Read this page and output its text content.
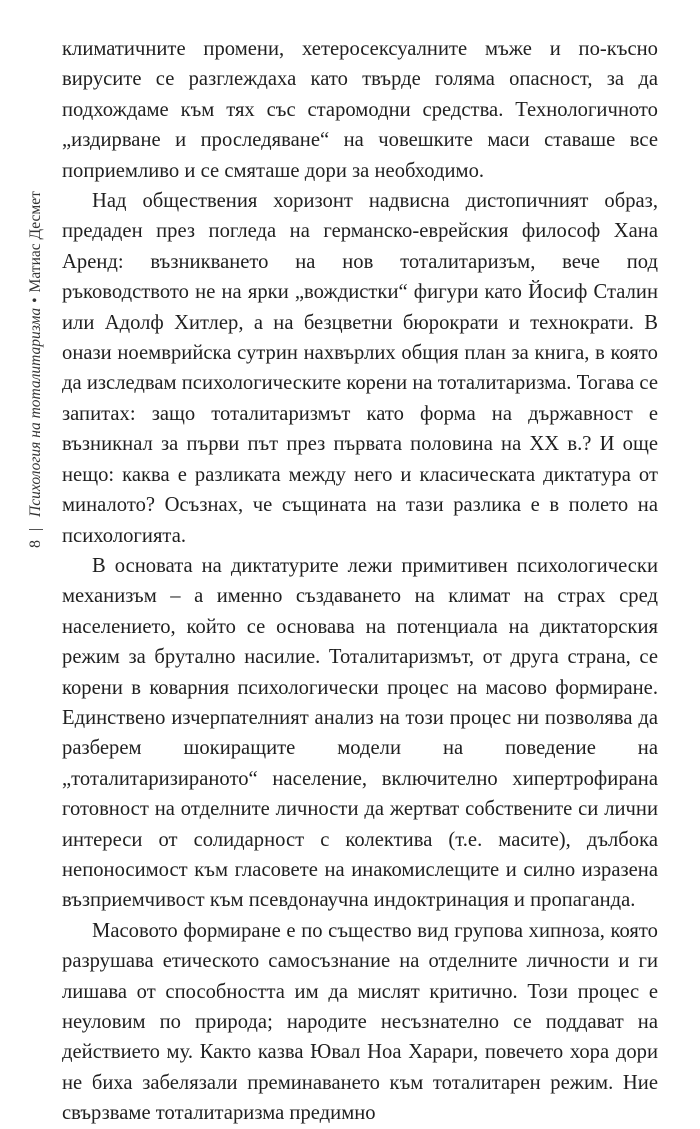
8
Психология на тоталитаризма
•
Матиас Десмет

климатичните промени, хетеросексуалните мъже и по-късно вирусите се разглеждаха като твърде голяма опасност, за да подхождаме към тях със старомодни средства. Технологичното „издирване и проследяване“ на човешките маси ставаше все поприемливо и се смяташе дори за необходимо.

Над обществения хоризонт надвисна дистопичният образ, предаден през погледа на германско-еврейския философ Хана Аренд: възникването на нов тоталитаризъм, вече под ръководството не на ярки „вождистки“ фигури като Йосиф Сталин или Адолф Хитлер, а на безцветни бюрократи и технократи. В онази ноемврийска сутрин нахвърлих общия план за книга, в която да изследвам психологическите корени на тоталитаризма. Тогава се запитах: защо тоталитаризмът като форма на държавност е възникнал за първи път през първата половина на XX в.? И още нещо: каква е разликата между него и класическата диктатура от миналото? Осъзнах, че същината на тази разлика е в полето на психологията.

В основата на диктатурите лежи примитивен психологически механизъм – а именно създаването на климат на страх сред населението, който се основава на потенциала на диктаторския режим за брутално насилие. Тоталитаризмът, от друга страна, се корени в коварния психологически процес на масово формиране. Единствено изчерпателният анализ на този процес ни позволява да разберем шокиращите модели на поведение на „тоталитаризираното“ население, включително хипертрофирана готовност на отделните личности да жертват собствените си лични интереси от солидарност с колектива (т.е. масите), дълбока непоносимост към гласовете на инакомислещите и силно изразена възприемчивост към псевдонаучна индоктринация и пропаганда.

Масовото формиране е по същество вид групова хипноза, която разрушава етическото самосъзнание на отделните личности и ги лишава от способността им да мислят критично. Този процес е неуловим по природа; народите несъзнателно се поддават на действието му. Както казва Ювал Ноа Харари, повечето хора дори не биха забелязали преминаването към тоталитарен режим. Ние свързваме тоталитаризма предимно
